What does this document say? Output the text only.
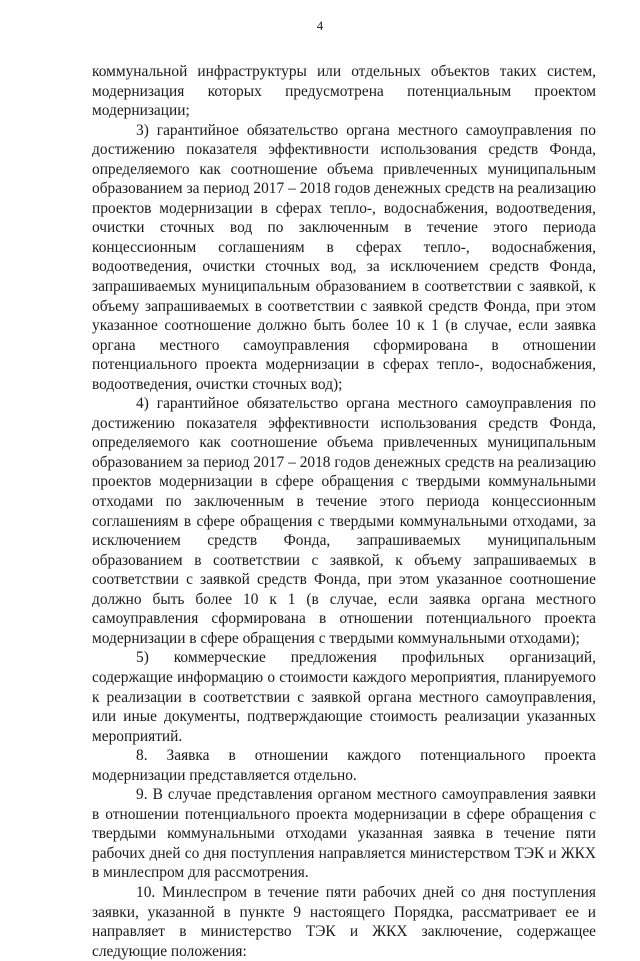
4

коммунальной инфраструктуры или отдельных объектов таких систем, модернизация которых предусмотрена потенциальным проектом модернизации;

3) гарантийное обязательство органа местного самоуправления по достижению показателя эффективности использования средств Фонда, определяемого как соотношение объема привлеченных муниципальным образованием за период 2017 – 2018 годов денежных средств на реализацию проектов модернизации в сферах тепло-, водоснабжения, водоотведения, очистки сточных вод по заключенным в течение этого периода концессионным соглашениям в сферах тепло-, водоснабжения, водоотведения, очистки сточных вод, за исключением средств Фонда, запрашиваемых муниципальным образованием в соответствии с заявкой, к объему запрашиваемых в соответствии с заявкой средств Фонда, при этом указанное соотношение должно быть более 10 к 1 (в случае, если заявка органа местного самоуправления сформирована в отношении потенциального проекта модернизации в сферах тепло-, водоснабжения, водоотведения, очистки сточных вод);

4) гарантийное обязательство органа местного самоуправления по достижению показателя эффективности использования средств Фонда, определяемого как соотношение объема привлеченных муниципальным образованием за период 2017 – 2018 годов денежных средств на реализацию проектов модернизации в сфере обращения с твердыми коммунальными отходами по заключенным в течение этого периода концессионным соглашениям в сфере обращения с твердыми коммунальными отходами, за исключением средств Фонда, запрашиваемых муниципальным образованием в соответствии с заявкой, к объему запрашиваемых в соответствии с заявкой средств Фонда, при этом указанное соотношение должно быть более 10 к 1 (в случае, если заявка органа местного самоуправления сформирована в отношении потенциального проекта модернизации в сфере обращения с твердыми коммунальными отходами);

5) коммерческие предложения профильных организаций, содержащие информацию о стоимости каждого мероприятия, планируемого к реализации в соответствии с заявкой органа местного самоуправления, или иные документы, подтверждающие стоимость реализации указанных мероприятий.

8. Заявка в отношении каждого потенциального проекта модернизации представляется отдельно.

9. В случае представления органом местного самоуправления заявки в отношении потенциального проекта модернизации в сфере обращения с твердыми коммунальными отходами указанная заявка в течение пяти рабочих дней со дня поступления направляется министерством ТЭК и ЖКХ в минлеспром для рассмотрения.

10. Минлеспром в течение пяти рабочих дней со дня поступления заявки, указанной в пункте 9 настоящего Порядка, рассматривает ее и направляет в министерство ТЭК и ЖКХ заключение, содержащее следующие положения:
